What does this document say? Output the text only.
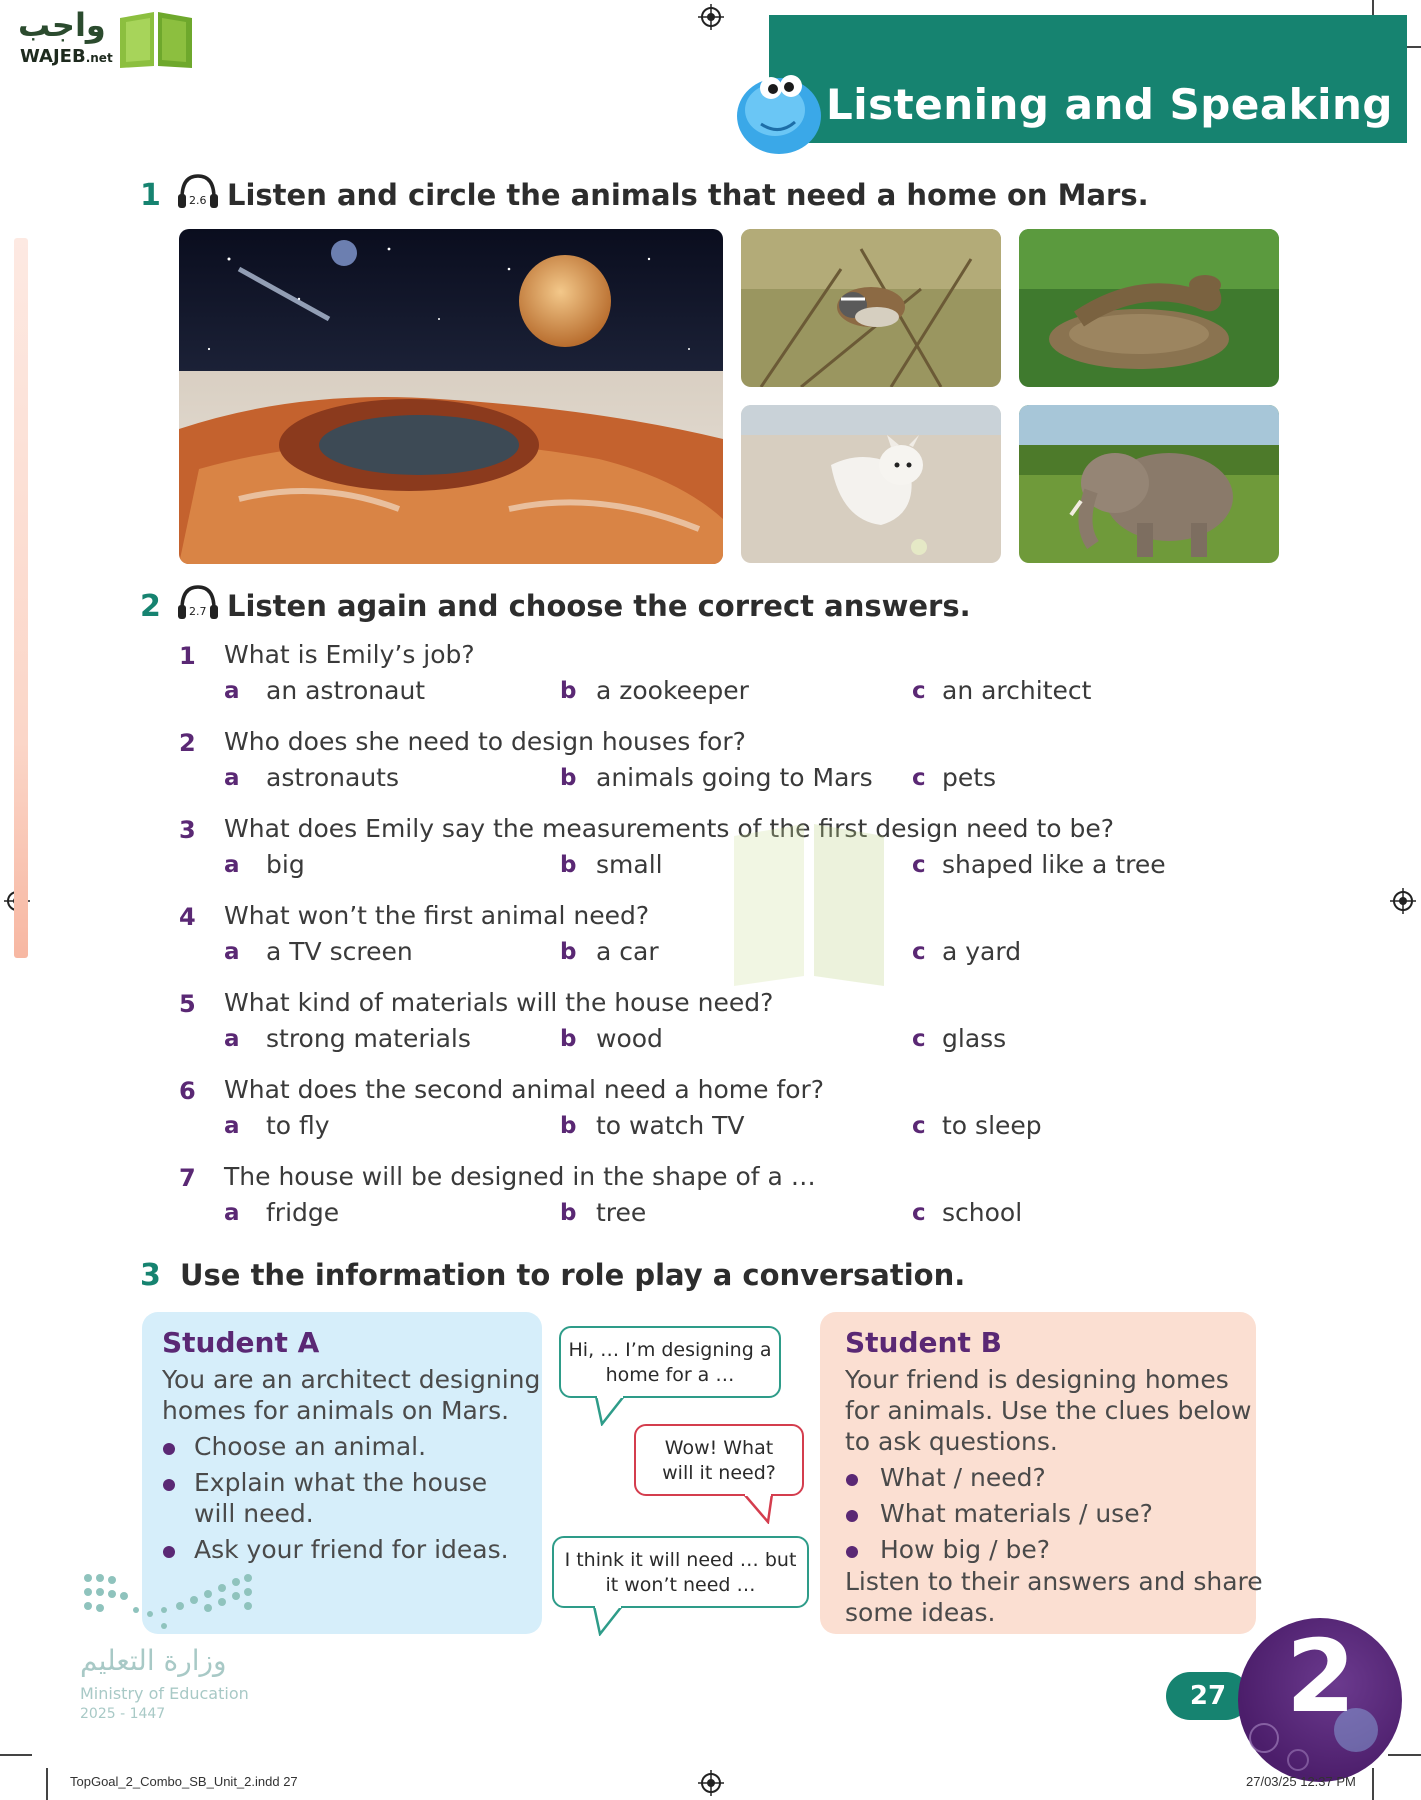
واجب
WAJEB.net
Listening and Speaking
1	2.6 Listen and circle the animals that need a home on Mars.
2	2.7 Listen again and choose the correct answers.
1 What is Emily’s job?
a an astronaut	b a zookeeper	c an architect
2 Who does she need to design houses for?
a astronauts	b animals going to Mars c pets
3 What does Emily say the measurements of the first design need to be?
a big	b small	c shaped like a tree
4 What won’t the first animal need?
a a TV screen	b a car	c a yard
5 What kind of materials will the house need?
a strong materials	b wood	c glass
6 What does the second animal need a home for?
a to fly	b to watch TV	c to sleep
7 The house will be designed in the shape of a …
a fridge	b tree	c school
3 Use the information to role play a conversation.
Student A
You are an architect designing
homes for animals on Mars.
Choose an animal.
Explain what the house
will need.
Ask your friend for ideas.
Hi, … I’m designing a
home for a …
Wow! What
will it need?
I think it will need … but
it won’t need …
Student B
Your friend is designing homes
for animals. Use the clues below
to ask questions.
What / need?
What materials / use?
How big / be?
Listen to their answers and share
some ideas.
وزارة التعليم
Ministry of Education
2025 - 1447
27 2
TopGoal_2_Combo_SB_Unit_2.indd 27	27/03/25 12:37 PM
